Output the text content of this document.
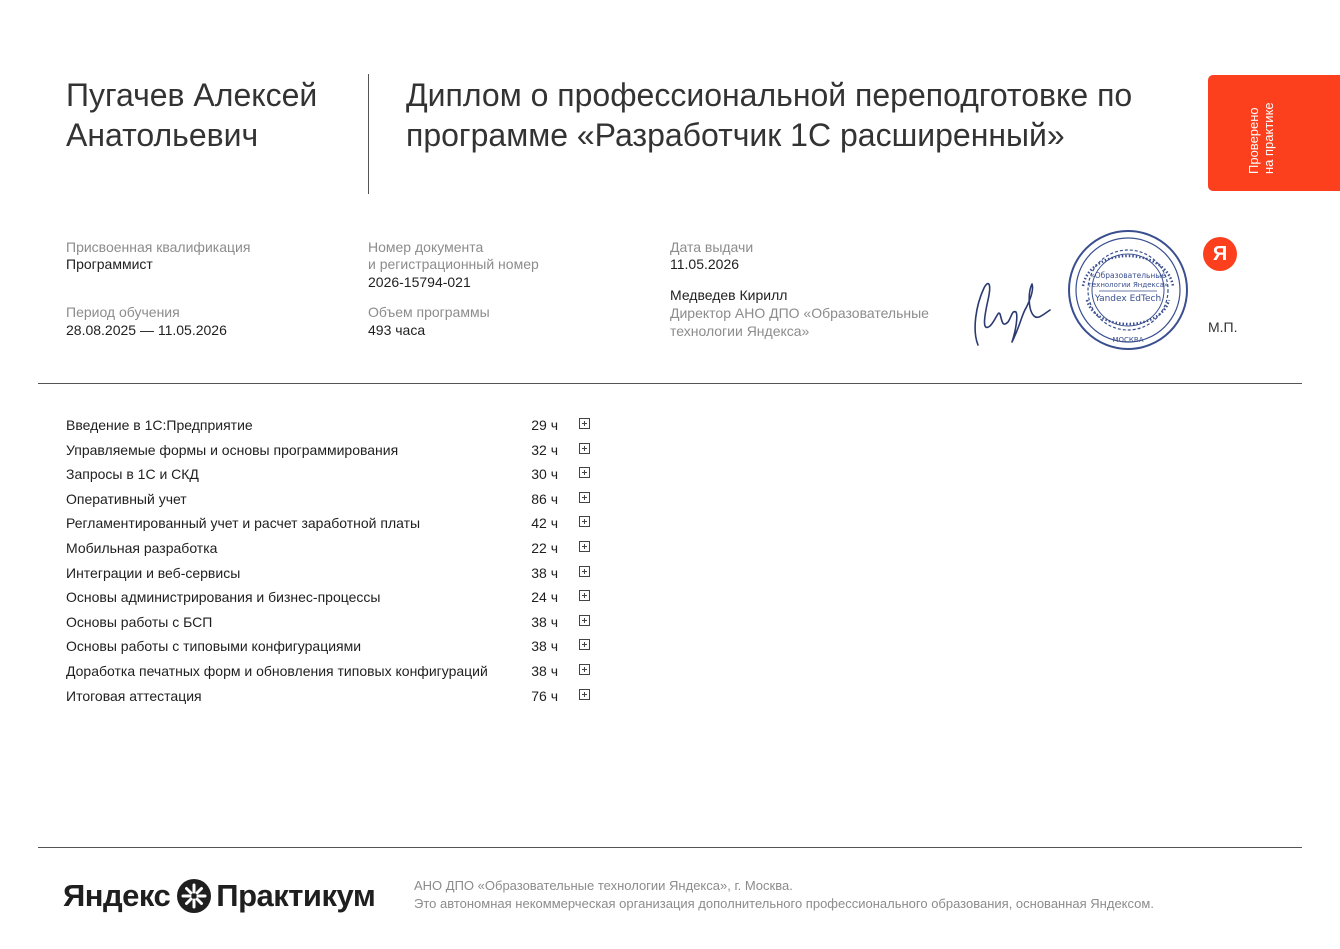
Пугачев Алексей Анатольевич
Диплом о профессиональной переподготовке по программе «Разработчик 1С расширенный»	Проверено на практике
Присвоенная квалификация
Программист
Период обучения
28.08.2025 — 11.05.2026
Номер документа
и регистрационный номер
2026-15794-021
Объем программы
493 часа
Дата выдачи
11.05.2026
Медведев Кирилл
Директор АНО ДПО «Образовательные
технологии Яндекса»
«Образовательные
технологии Яндекса»
Yandex EdTech
МОСКВА
Я
М.П.
Введение в 1С:Предприятие	29 ч
Управляемые формы и основы программирования	32 ч
Запросы в 1С и СКД	30 ч
Оперативный учет	86 ч
Регламентированный учет и расчет заработной платы	42 ч
Мобильная разработка	22 ч
Интеграции и веб-сервисы	38 ч
Основы администрирования и бизнес-процессы	24 ч
Основы работы с БСП	38 ч
Основы работы с типовыми конфигурациями	38 ч
Доработка печатных форм и обновления типовых конфигураций	38 ч
Итоговая аттестация	76 ч
Яндекс Практикум	АНО ДПО «Образовательные технологии Яндекса», г. Москва.
Это автономная некоммерческая организация дополнительного профессионального образования, основанная Яндексом.
